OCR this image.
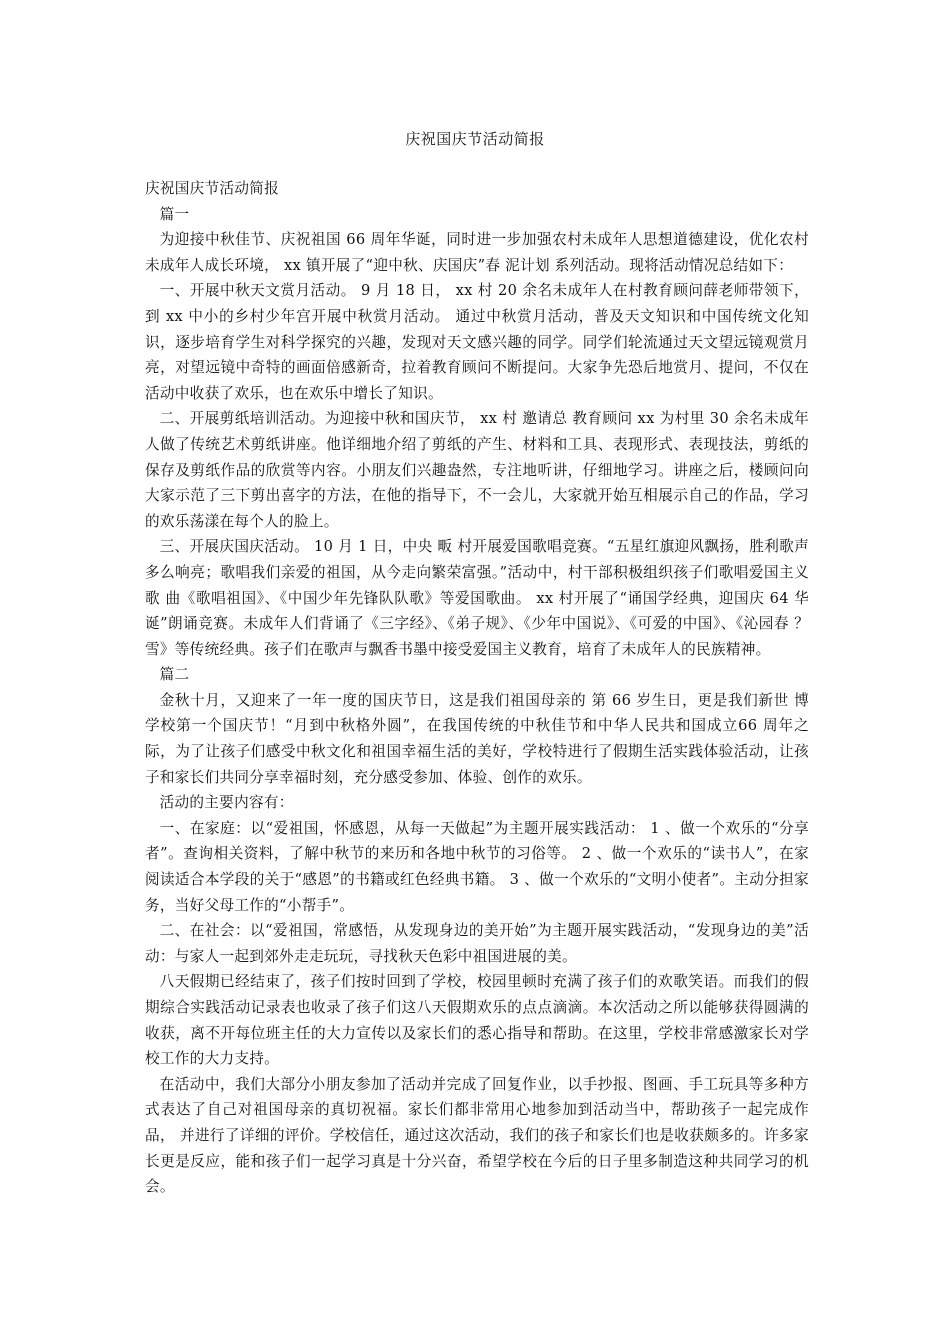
庆祝国庆节活动简报

庆祝国庆节活动简报

篇一

为迎接中秋佳节、庆祝祖国 66 周年华诞，同时进一步加强农村未成年人思想道德建设，优化农村未成年人成长环境， xx 镇开展了“迎中秋、庆国庆”春 泥计划 系列活动。现将活动情况总结如下：

一、开展中秋天文赏月活动。 9 月 18 日， xx 村 20 余名未成年人在村教育顾问薛老师带领下，到 xx 中小的乡村少年宫开展中秋赏月活动。 通过中秋赏月活动，普及天文知识和中国传统文化知识，逐步培育学生对科学探究的兴趣，发现对天文感兴趣的同学。同学们轮流通过天文望远镜观赏月亮，对望远镜中奇特的画面倍感新奇，拉着教育顾问不断提问。大家争先恐后地赏月、提问，不仅在活动中收获了欢乐，也在欢乐中增长了知识。

二、开展剪纸培训活动。为迎接中秋和国庆节， xx 村 邀请总 教育顾问 xx 为村里 30 余名未成年人做了传统艺术剪纸讲座。他详细地介绍了剪纸的产生、材料和工具、表现形式、表现技法，剪纸的保存及剪纸作品的欣赏等内容。小朋友们兴趣盎然，专注地听讲，仔细地学习。讲座之后，楼顾问向大家示范了三下剪出喜字的方法，在他的指导下，不一会儿，大家就开始互相展示自己的作品，学习的欢乐荡漾在每个人的脸上。

三、开展庆国庆活动。 10 月 1 日，中央 畈 村开展爱国歌唱竞赛。“五星红旗迎风飘扬，胜利歌声多么响亮；歌唱我们亲爱的祖国，从今走向繁荣富强。”活动中，村干部积极组织孩子们歌唱爱国主义歌 曲《歌唱祖国》、《中国少年先锋队队歌》等爱国歌曲。 xx 村开展了“诵国学经典，迎国庆 64 华诞”朗诵竞赛。未成年人们背诵了《三字经》、《弟子规》、《少年中国说》、《可爱的中国》、《沁园春 ？ 雪》等传统经典。孩子们在歌声与飘香书墨中接受爱国主义教育，培育了未成年人的民族精神。

篇二

金秋十月，又迎来了一年一度的国庆节日，这是我们祖国母亲的 第 66 岁生日，更是我们新世 博学校第一个国庆节！“月到中秋格外圆”，在我国传统的中秋佳节和中华人民共和国成立66 周年之际，为了让孩子们感受中秋文化和祖国幸福生活的美好，学校特进行了假期生活实践体验活动，让孩子和家长们共同分享幸福时刻，充分感受参加、体验、创作的欢乐。

活动的主要内容有：

一、在家庭：以“爱祖国，怀感恩，从每一天做起”为主题开展实践活动： 1 、做一个欢乐的“分享者”。查询相关资料，了解中秋节的来历和各地中秋节的习俗等。 2 、做一个欢乐的“读书人”，在家阅读适合本学段的关于“感恩”的书籍或红色经典书籍。 3 、做一个欢乐的“文明小使者”。主动分担家务，当好父母工作的“小帮手”。

二、在社会：以“爱祖国，常感悟，从发现身边的美开始”为主题开展实践活动，“发现身边的美”活动：与家人一起到郊外走走玩玩，寻找秋天色彩中祖国进展的美。

八天假期已经结束了，孩子们按时回到了学校，校园里顿时充满了孩子们的欢歌笑语。而我们的假期综合实践活动记录表也收录了孩子们这八天假期欢乐的点点滴滴。本次活动之所以能够获得圆满的收获，离不开每位班主任的大力宣传以及家长们的悉心指导和帮助。在这里，学校非常感激家长对学校工作的大力支持。

在活动中，我们大部分小朋友参加了活动并完成了回复作业，以手抄报、图画、手工玩具等多种方式表达了自己对祖国母亲的真切祝福。家长们都非常用心地参加到活动当中，帮助孩子一起完成作品， 并进行了详细的评价。学校信任，通过这次活动，我们的孩子和家长们也是收获颇多的。许多家长更是反应，能和孩子们一起学习真是十分兴奋，希望学校在今后的日子里多制造这种共同学习的机会。
